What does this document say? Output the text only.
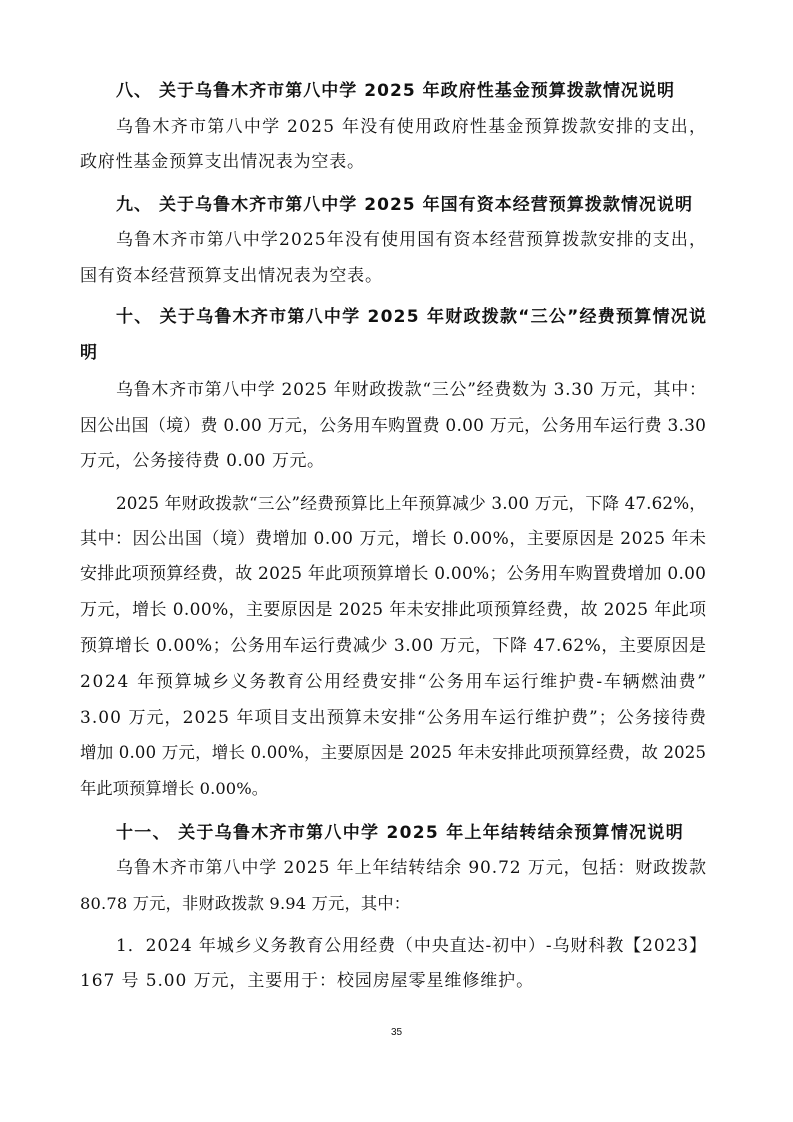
八、 关于乌鲁木齐市第八中学 2025 年政府性基金预算拨款情况说明
乌鲁木齐市第八中学 2025 年没有使用政府性基金预算拨款安排的支出，
政府性基金预算支出情况表为空表。
九、 关于乌鲁木齐市第八中学 2025 年国有资本经营预算拨款情况说明
乌鲁木齐市第八中学2025年没有使用国有资本经营预算拨款安排的支出，
国有资本经营预算支出情况表为空表。
十、 关于乌鲁木齐市第八中学 2025 年财政拨款“三公”经费预算情况说
明
乌鲁木齐市第八中学 2025 年财政拨款“三公”经费数为 3.30 万元，其中：
因公出国（境）费 0.00 万元，公务用车购置费 0.00 万元，公务用车运行费 3.30
万元，公务接待费 0.00 万元。
2025 年财政拨款“三公”经费预算比上年预算减少 3.00 万元，下降 47.62%，
其中：因公出国（境）费增加 0.00 万元，增长 0.00%，主要原因是 2025 年未
安排此项预算经费，故 2025 年此项预算增长 0.00%；公务用车购置费增加 0.00
万元，增长 0.00%，主要原因是 2025 年未安排此项预算经费，故 2025 年此项
预算增长 0.00%；公务用车运行费减少 3.00 万元，下降 47.62%，主要原因是
2024 年预算城乡义务教育公用经费安排“公务用车运行维护费-车辆燃油费”
3.00 万元，2025 年项目支出预算未安排“公务用车运行维护费”；公务接待费
增加 0.00 万元，增长 0.00%，主要原因是 2025 年未安排此项预算经费，故 2025
年此项预算增长 0.00%。
十一、 关于乌鲁木齐市第八中学 2025 年上年结转结余预算情况说明
乌鲁木齐市第八中学 2025 年上年结转结余 90.72 万元，包括：财政拨款
80.78 万元，非财政拨款 9.94 万元，其中：
1．2024 年城乡义务教育公用经费（中央直达-初中）-乌财科教【2023】
167 号 5.00 万元，主要用于：校园房屋零星维修维护。
35
